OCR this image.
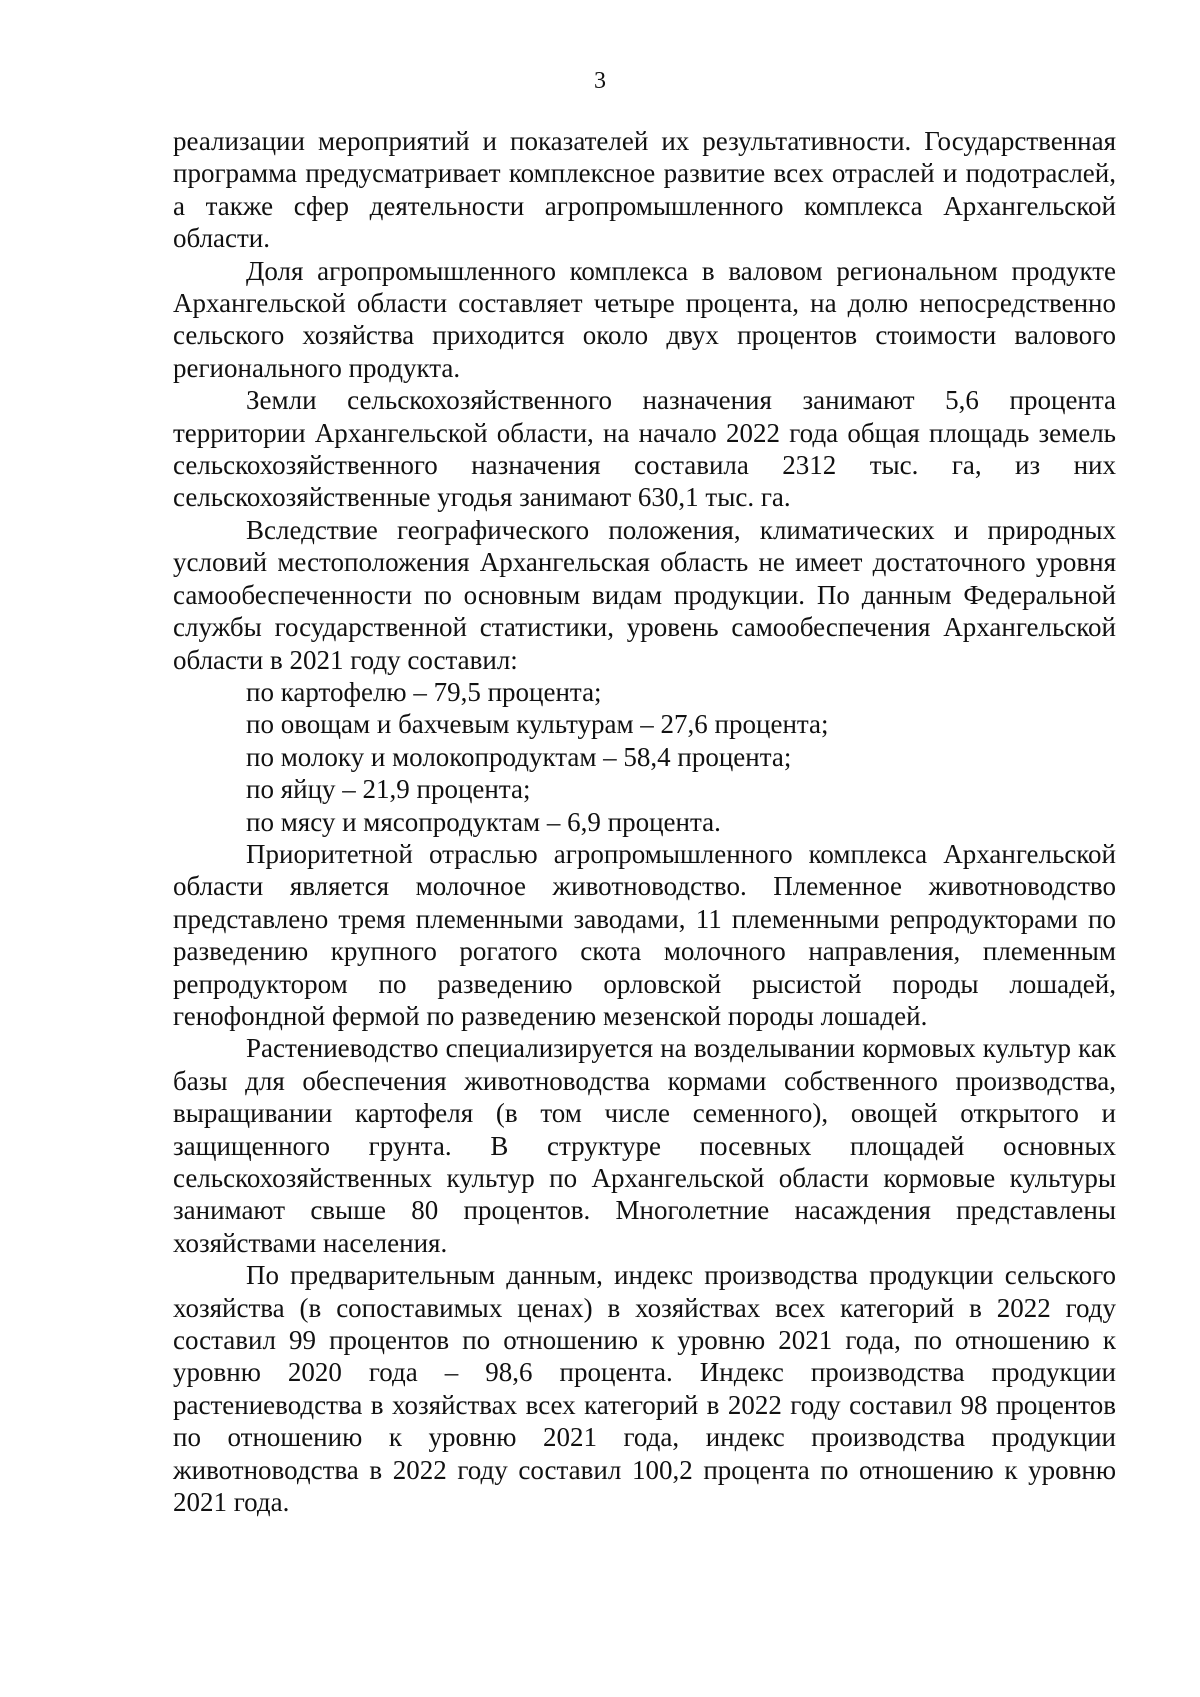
3

реализации мероприятий и показателей их результативности. Государственная программа предусматривает комплексное развитие всех отраслей и подотраслей, а также сфер деятельности агропромышленного комплекса Архангельской области.

Доля агропромышленного комплекса в валовом региональном продукте Архангельской области составляет четыре процента, на долю непосредственно сельского хозяйства приходится около двух процентов стоимости валового регионального продукта.

Земли сельскохозяйственного назначения занимают 5,6 процента территории Архангельской области, на начало 2022 года общая площадь земель сельскохозяйственного назначения составила 2312 тыс. га, из них сельскохозяйственные угодья занимают 630,1 тыс. га.

Вследствие географического положения, климатических и природных условий местоположения Архангельская область не имеет достаточного уровня самообеспеченности по основным видам продукции. По данным Федеральной службы государственной статистики, уровень самообеспечения Архангельской области в 2021 году составил:

по картофелю – 79,5 процента;

по овощам и бахчевым культурам – 27,6 процента;

по молоку и молокопродуктам – 58,4 процента;

по яйцу – 21,9 процента;

по мясу и мясопродуктам – 6,9 процента.

Приоритетной отраслью агропромышленного комплекса Архангельской области является молочное животноводство. Племенное животноводство представлено тремя племенными заводами, 11 племенными репродукторами по разведению крупного рогатого скота молочного направления, племенным репродуктором по разведению орловской рысистой породы лошадей, генофондной фермой по разведению мезенской породы лошадей.

Растениеводство специализируется на возделывании кормовых культур как базы для обеспечения животноводства кормами собственного производства, выращивании картофеля (в том числе семенного), овощей открытого и защищенного грунта. В структуре посевных площадей основных сельскохозяйственных культур по Архангельской области кормовые культуры занимают свыше 80 процентов. Многолетние насаждения представлены хозяйствами населения.

По предварительным данным, индекс производства продукции сельского хозяйства (в сопоставимых ценах) в хозяйствах всех категорий в 2022 году составил 99 процентов по отношению к уровню 2021 года, по отношению к уровню 2020 года – 98,6 процента. Индекс производства продукции растениеводства в хозяйствах всех категорий в 2022 году составил 98 процентов по отношению к уровню 2021 года, индекс производства продукции животноводства в 2022 году составил 100,2 процента по отношению к уровню 2021 года.
